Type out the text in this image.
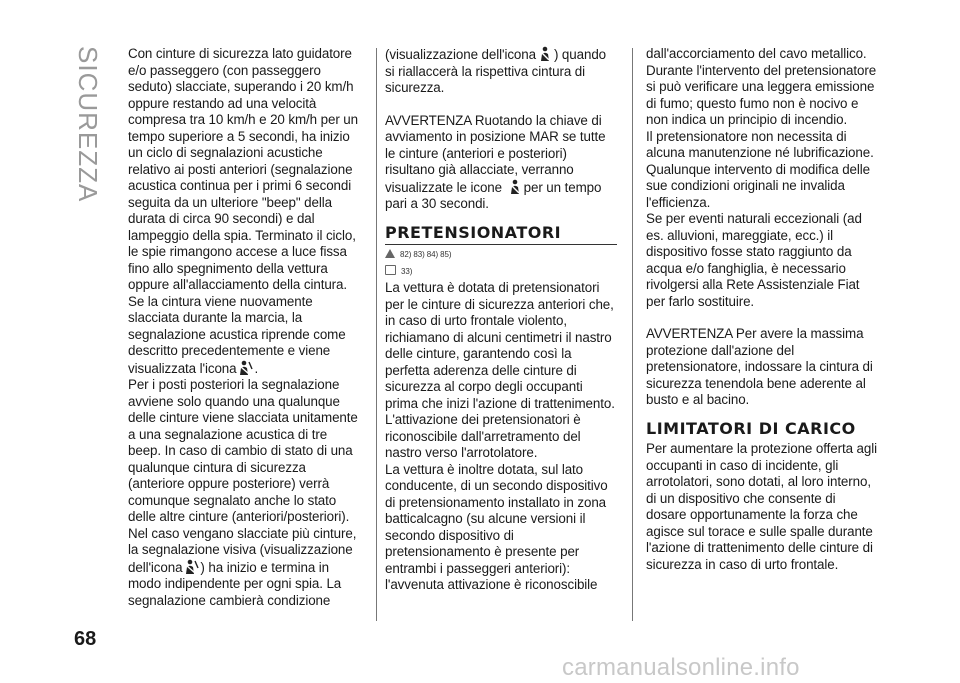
SICUREZZA Con cinture di sicurezza lato guidatore e/o passeggero (con passeggero seduto) slacciate, superando i 20 km/h oppure restando ad una velocità compresa tra 10 km/h e 20 km/h per un tempo superiore a 5 secondi, ha inizio un ciclo di segnalazioni acustiche relativo ai posti anteriori (segnalazione acustica continua per i primi 6 secondi seguita da un ulteriore "beep" della durata di circa 90 secondi) e dal lampeggio della spia. Terminato il ciclo, le spie rimangono accese a luce fissa fino allo spegnimento della vettura oppure all'allacciamento della cintura. Se la cintura viene nuovamente slacciata durante la marcia, la segnalazione acustica riprende come descritto precedentemente e viene visualizzata l'icona .

Per i posti posteriori la segnalazione avviene solo quando una qualunque delle cinture viene slacciata unitamente a una segnalazione acustica di tre beep. In caso di cambio di stato di una qualunque cintura di sicurezza (anteriore oppure posteriore) verrà comunque segnalato anche lo stato delle altre cinture (anteriori/posteriori). Nel caso vengano slacciate più cinture, la segnalazione visiva (visualizzazione dell'icona ) ha inizio e termina in modo indipendente per ogni spia. La segnalazione cambierà condizione

(visualizzazione dell'icona ) quando si riallaccerà la rispettiva cintura di sicurezza.

AVVERTENZA Ruotando la chiave di avviamento in posizione MAR se tutte le cinture (anteriori e posteriori) risultano già allacciate, verranno visualizzate le icone per un tempo pari a 30 secondi.

PRETENSIONATORI
82) 83) 84) 85)
33)

La vettura è dotata di pretensionatori per le cinture di sicurezza anteriori che, in caso di urto frontale violento, richiamano di alcuni centimetri il nastro delle cinture, garantendo così la perfetta aderenza delle cinture di sicurezza al corpo degli occupanti prima che inizi l'azione di trattenimento.

L'attivazione dei pretensionatori è riconoscibile dall'arretramento del nastro verso l'arrotolatore.

La vettura è inoltre dotata, sul lato conducente, di un secondo dispositivo di pretensionamento installato in zona batticalcagno (su alcune versioni il secondo dispositivo di pretensionamento è presente per entrambi i passeggeri anteriori): l'avvenuta attivazione è riconoscibile

dall'accorciamento del cavo metallico.

Durante l'intervento del pretensionatore si può verificare una leggera emissione di fumo; questo fumo non è nocivo e non indica un principio di incendio.

Il pretensionatore non necessita di alcuna manutenzione né lubrificazione. Qualunque intervento di modifica delle sue condizioni originali ne invalida l'efficienza.

Se per eventi naturali eccezionali (ad es. alluvioni, mareggiate, ecc.) il dispositivo fosse stato raggiunto da acqua e/o fanghiglia, è necessario rivolgersi alla Rete Assistenziale Fiat per farlo sostituire.

AVVERTENZA Per avere la massima protezione dall'azione del pretensionatore, indossare la cintura di sicurezza tenendola bene aderente al busto e al bacino.

LIMITATORI DI CARICO

Per aumentare la protezione offerta agli occupanti in caso di incidente, gli arrotolatori, sono dotati, al loro interno, di un dispositivo che consente di dosare opportunamente la forza che agisce sul torace e sulle spalle durante l'azione di trattenimento delle cinture di sicurezza in caso di urto frontale.

68
carmanualsonline.info
